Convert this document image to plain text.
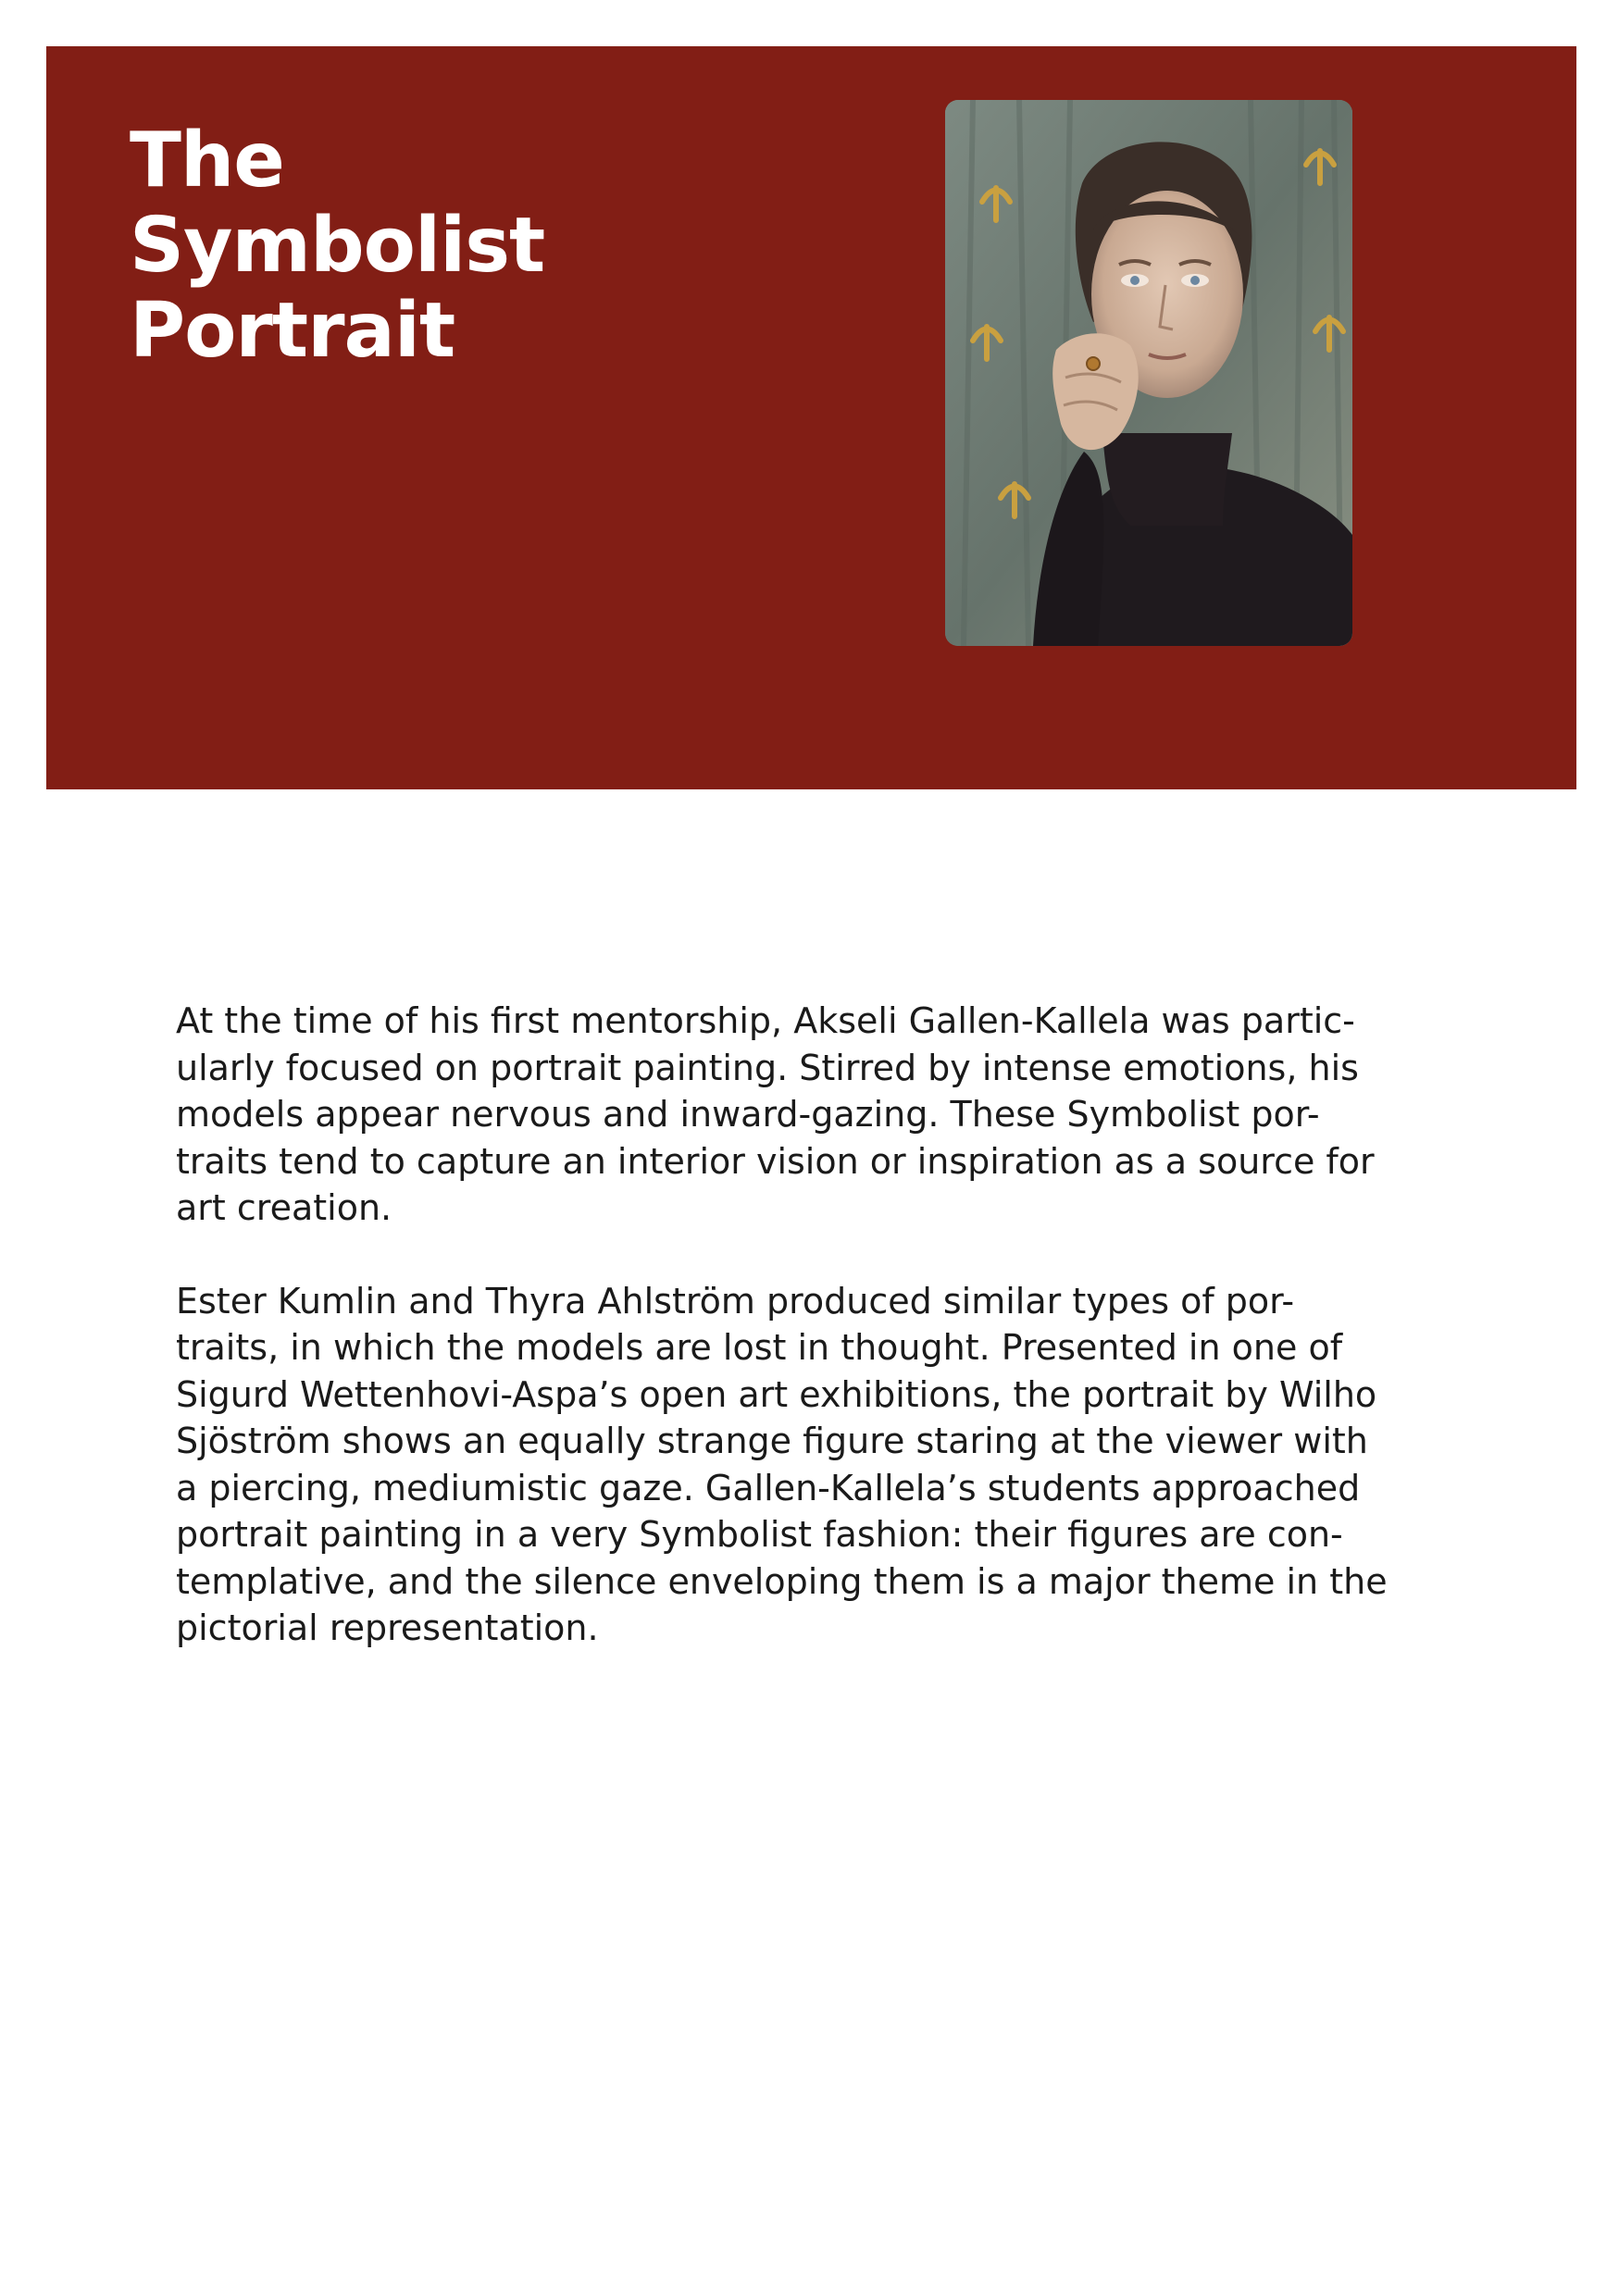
The
Symbolist
Portrait

At the time of his first mentorship, Akseli Gallen-Kallela was partic-
ularly focused on portrait painting. Stirred by intense emotions, his
models appear nervous and inward-gazing. These Symbolist por-
traits tend to capture an interior vision or inspiration as a source for
art creation.

Ester Kumlin and Thyra Ahlström produced similar types of por-
traits, in which the models are lost in thought. Presented in one of
Sigurd Wettenhovi-Aspa’s open art exhibitions, the portrait by Wilho
Sjöström shows an equally strange figure staring at the viewer with
a piercing, mediumistic gaze. Gallen-Kallela’s students approached
portrait painting in a very Symbolist fashion: their figures are con-
templative, and the silence enveloping them is a major theme in the
pictorial representation.
